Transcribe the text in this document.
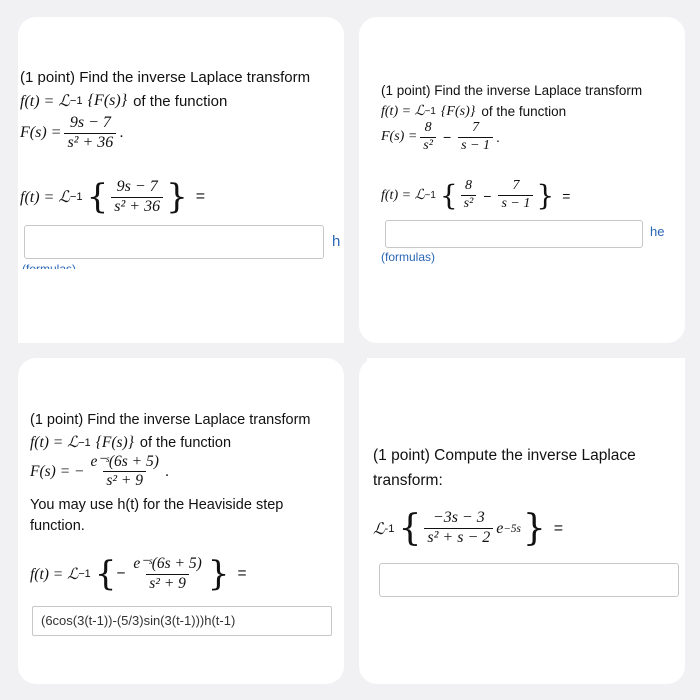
(1 point) Find the inverse Laplace transform
f(t) = ℒ −1 {F(s)} of the function
$F(s) = \frac{9s - 7}{\text{s² + 36}}$ .
f(t) = ℒ −1 { $\frac{9s - 7}{\text{s² + 36}}$ } =
h
(1 point) Find the inverse Laplace transform
f(t) = ℒ −1 {F(s)} of the function
$F(s) = \frac{8}{\text{s²}} - \frac{7}{s - 1}$ .
f(t) = ℒ −1 { $\frac{8}{\text{s²}} - \frac{7}{s - 1}$ } =
he
(formulas)
(1 point) Find the inverse Laplace transform
f(t) = ℒ −1 {F(s)} of the function
F(s) = − $\frac{\text{e⁻ˢ(6s + 5)}}{\text{s² + 9}}$ .
You may use h(t) for the Heaviside step
function.
f(t) = ℒ −1 { − $\frac{\text{e⁻ˢ(6s + 5)}}{\text{s² + 9}}$ } =
(6cos(3(t-1))-(5/3)sin(3(t-1)))h(t-1)
(1 point) Compute the inverse Laplace
transform:
ℒ -1 { $\frac{-3s - 3}{\text{s² + s − 2}}$ e −5s } =
